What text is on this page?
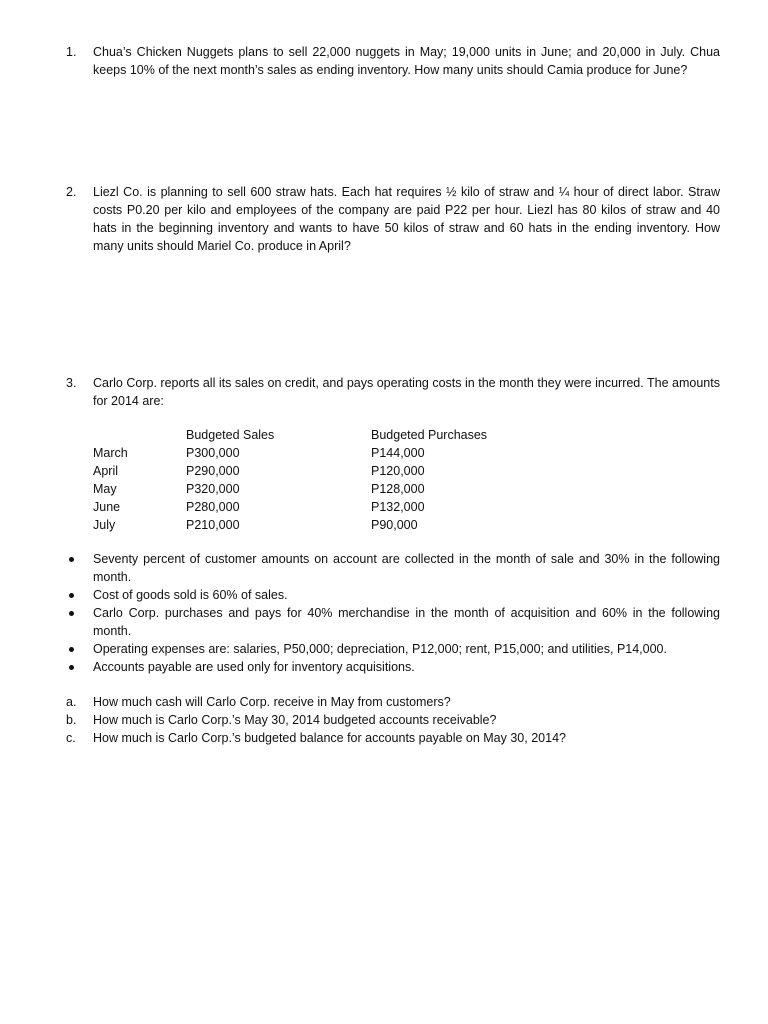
1.	Chua’s Chicken Nuggets plans to sell 22,000 nuggets in May; 19,000 units in June; and 20,000 in July. Chua keeps 10% of the next month’s sales as ending inventory. How many units should Camia produce for June?
2.	Liezl Co. is planning to sell 600 straw hats. Each hat requires ½ kilo of straw and ¼ hour of direct labor. Straw costs P0.20 per kilo and employees of the company are paid P22 per hour. Liezl has 80 kilos of straw and 40 hats in the beginning inventory and wants to have 50 kilos of straw and 60 hats in the ending inventory. How many units should Mariel Co. produce in April?
3.	Carlo Corp. reports all its sales on credit, and pays operating costs in the month they were incurred. The amounts for 2014 are:
	Budgeted Sales	Budgeted Purchases
March	P300,000	P144,000
April	P290,000	P120,000
May	P320,000	P128,000
June	P280,000	P132,000
July	P210,000	P90,000
Seventy percent of customer amounts on account are collected in the month of sale and 30% in the following month.
Cost of goods sold is 60% of sales.
Carlo Corp. purchases and pays for 40% merchandise in the month of acquisition and 60% in the following month.
Operating expenses are: salaries, P50,000; depreciation, P12,000; rent, P15,000; and utilities, P14,000.
Accounts payable are used only for inventory acquisitions.
a. How much cash will Carlo Corp. receive in May from customers?
b. How much is Carlo Corp.’s May 30, 2014 budgeted accounts receivable?
c. How much is Carlo Corp.’s budgeted balance for accounts payable on May 30, 2014?
